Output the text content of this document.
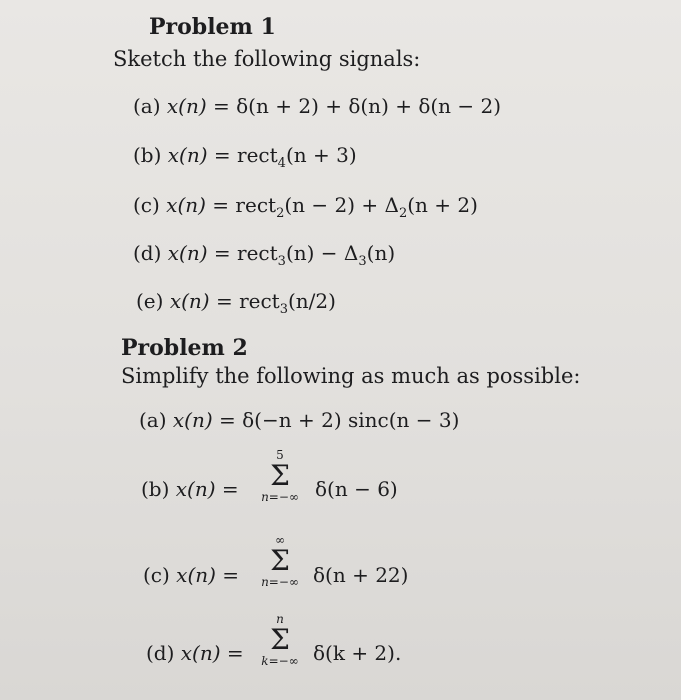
Problem 1
Sketch the following signals:
(a) x(n) = δ(n + 2) + δ(n) + δ(n − 2)
(b) x(n) = rect$_4$(n + 3)
(c) x(n) = rect$_2$(n − $2) + \Delta_2(n + 2)$
(d) x(n) = rect$_3$(n) − $\Delta_3(n)$
(e) x(n) = rect$_3$(n/2)
Problem 2
Simplify the following as much as possible:
(a) x(n) = δ(−n + 2) sinc(n − 3)
(b) x(n) =
5
Σ
n=−∞ δ(n − 6)
(c) x(n) =
∞
Σ
n=−∞ δ(n + 22)
(d) x(n) =
n
Σ
k=−∞ δ(k + 2).
